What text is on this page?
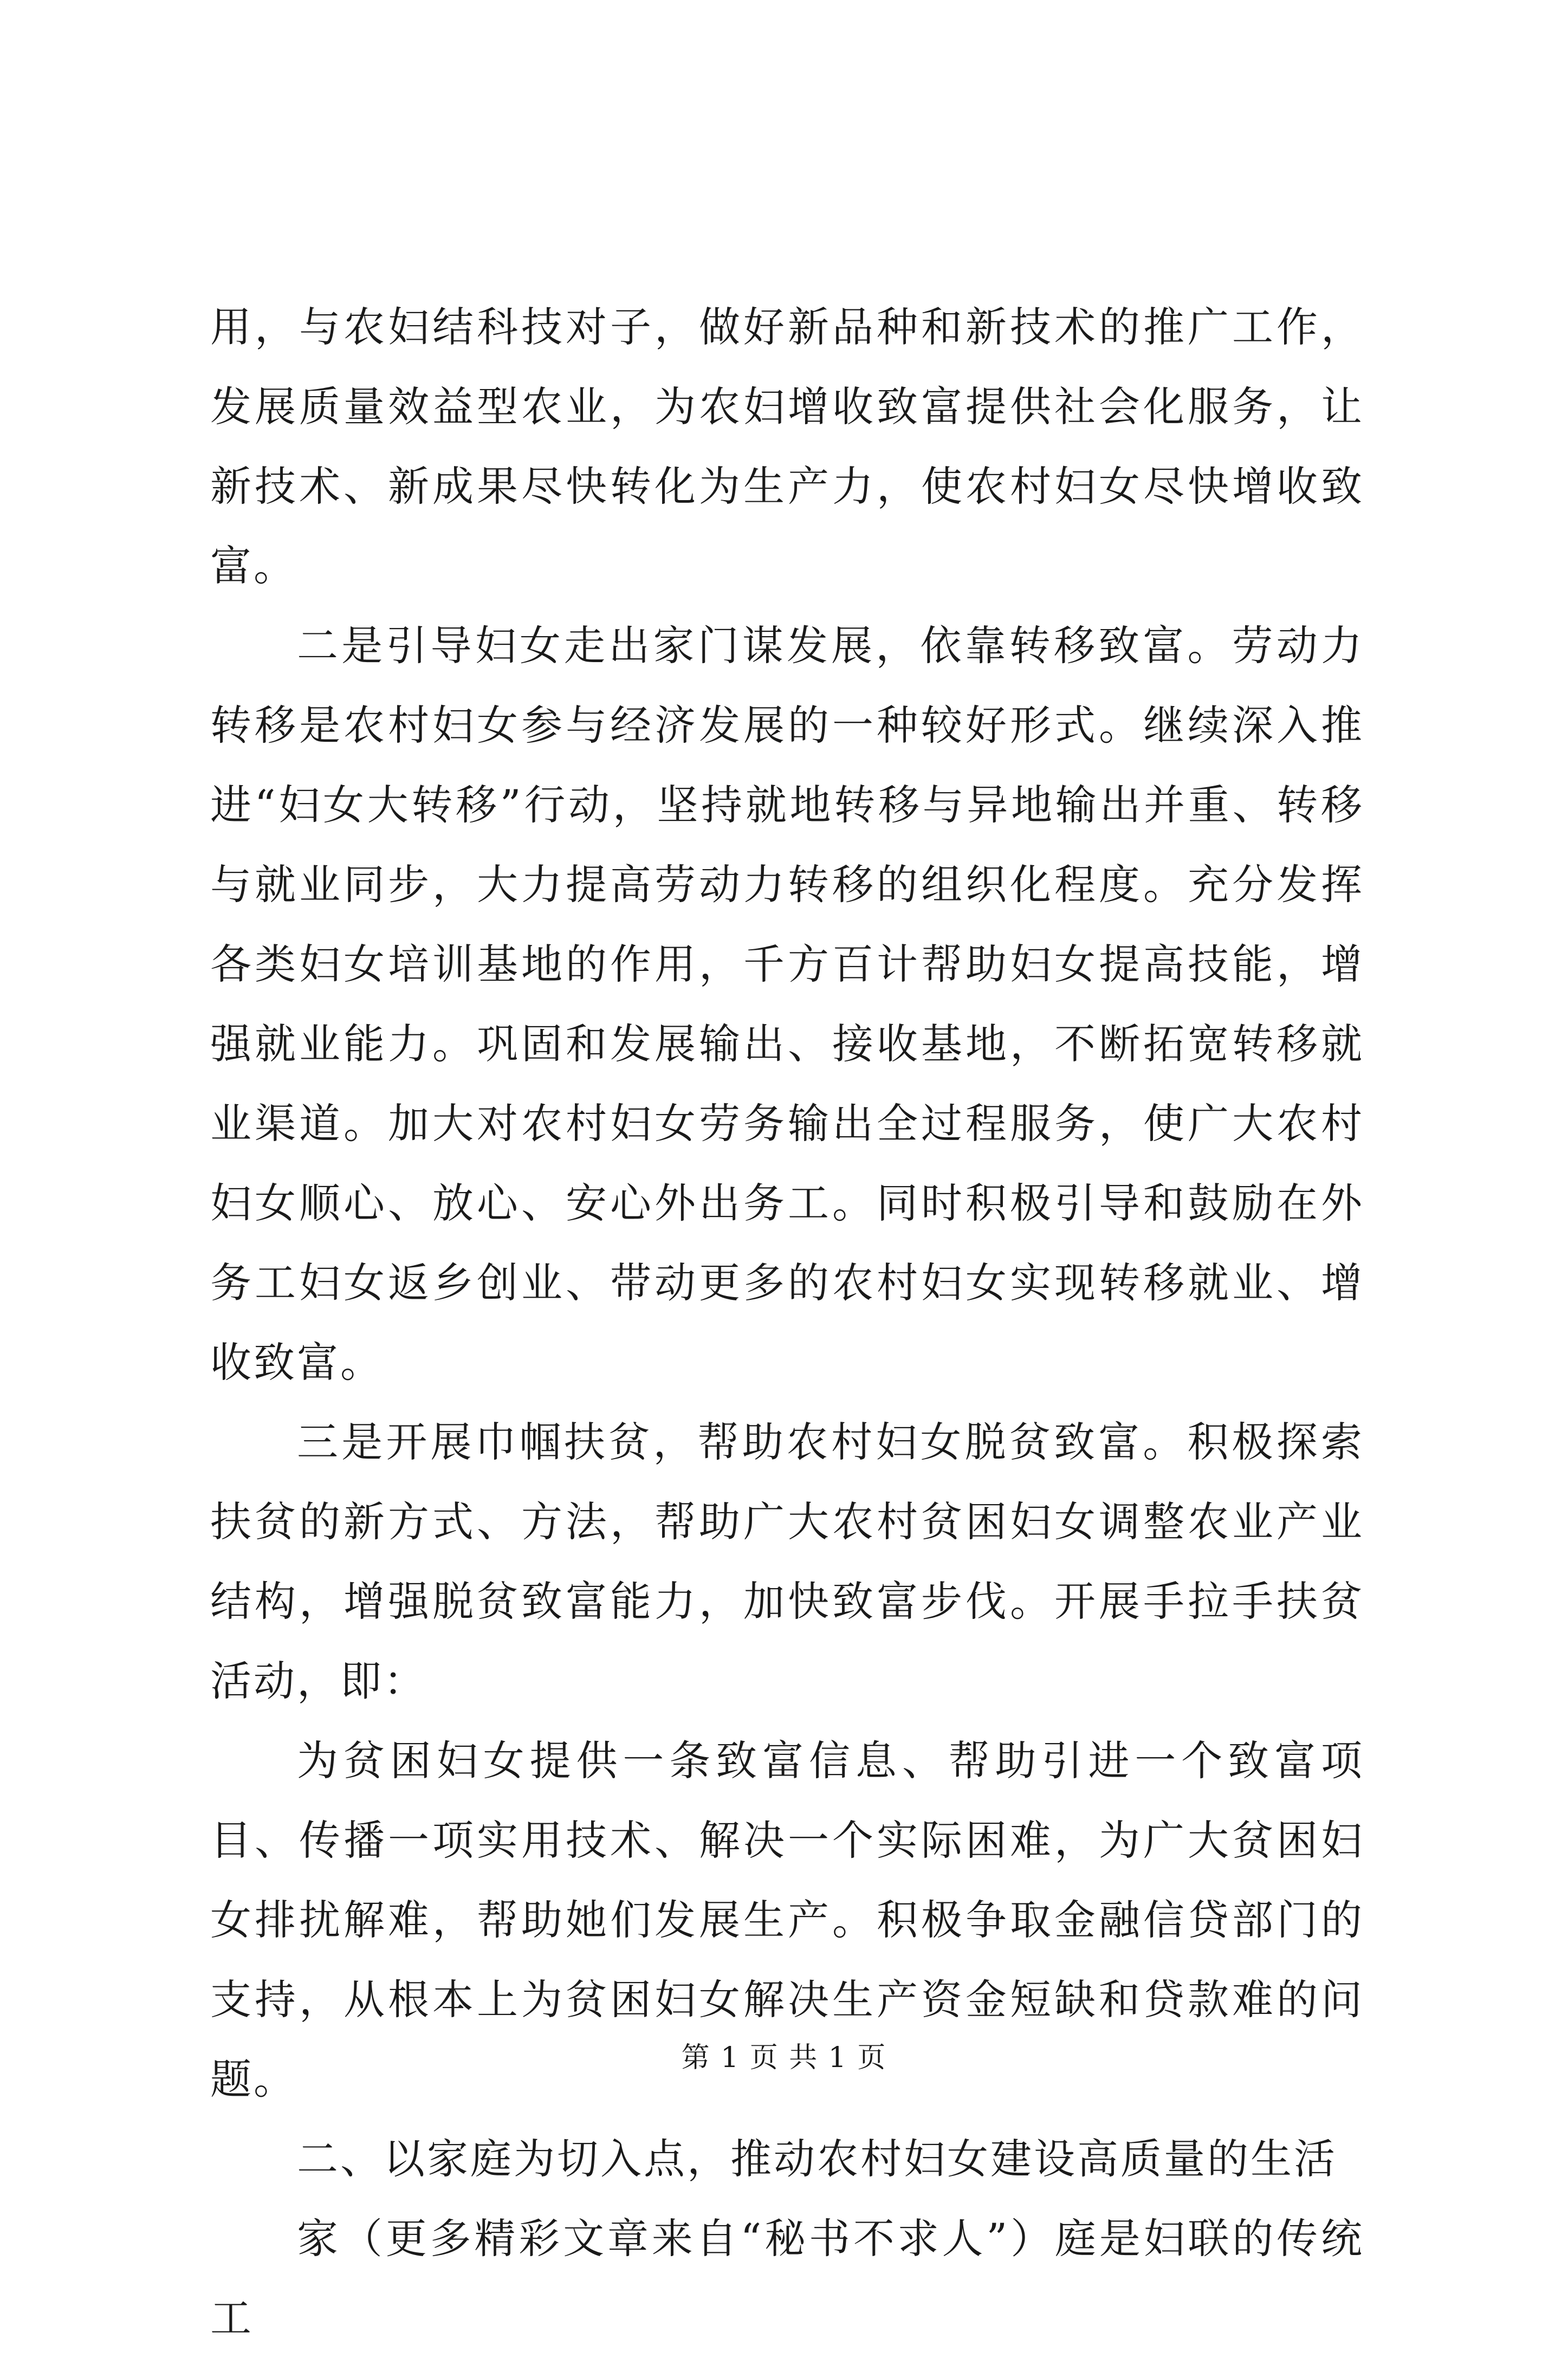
用，与农妇结科技对子，做好新品种和新技术的推广工作，发展质量效益型农业，为农妇增收致富提供社会化服务，让新技术、新成果尽快转化为生产力，使农村妇女尽快增收致富。

二是引导妇女走出家门谋发展，依靠转移致富。劳动力转移是农村妇女参与经济发展的一种较好形式。继续深入推进“妇女大转移”行动，坚持就地转移与异地输出并重、转移与就业同步，大力提高劳动力转移的组织化程度。充分发挥各类妇女培训基地的作用，千方百计帮助妇女提高技能，增强就业能力。巩固和发展输出、接收基地，不断拓宽转移就业渠道。加大对农村妇女劳务输出全过程服务，使广大农村妇女顺心、放心、安心外出务工。同时积极引导和鼓励在外务工妇女返乡创业、带动更多的农村妇女实现转移就业、增收致富。

三是开展巾帼扶贫，帮助农村妇女脱贫致富。积极探索扶贫的新方式、方法，帮助广大农村贫困妇女调整农业产业结构，增强脱贫致富能力，加快致富步伐。开展手拉手扶贫活动，即：

为贫困妇女提供一条致富信息、帮助引进一个致富项目、传播一项实用技术、解决一个实际困难，为广大贫困妇女排扰解难，帮助她们发展生产。积极争取金融信贷部门的支持，从根本上为贫困妇女解决生产资金短缺和贷款难的问题。

二、以家庭为切入点，推动农村妇女建设高质量的生活

家（更多精彩文章来自“秘书不求人”）庭是妇联的传统工

第 1 页 共 1 页
